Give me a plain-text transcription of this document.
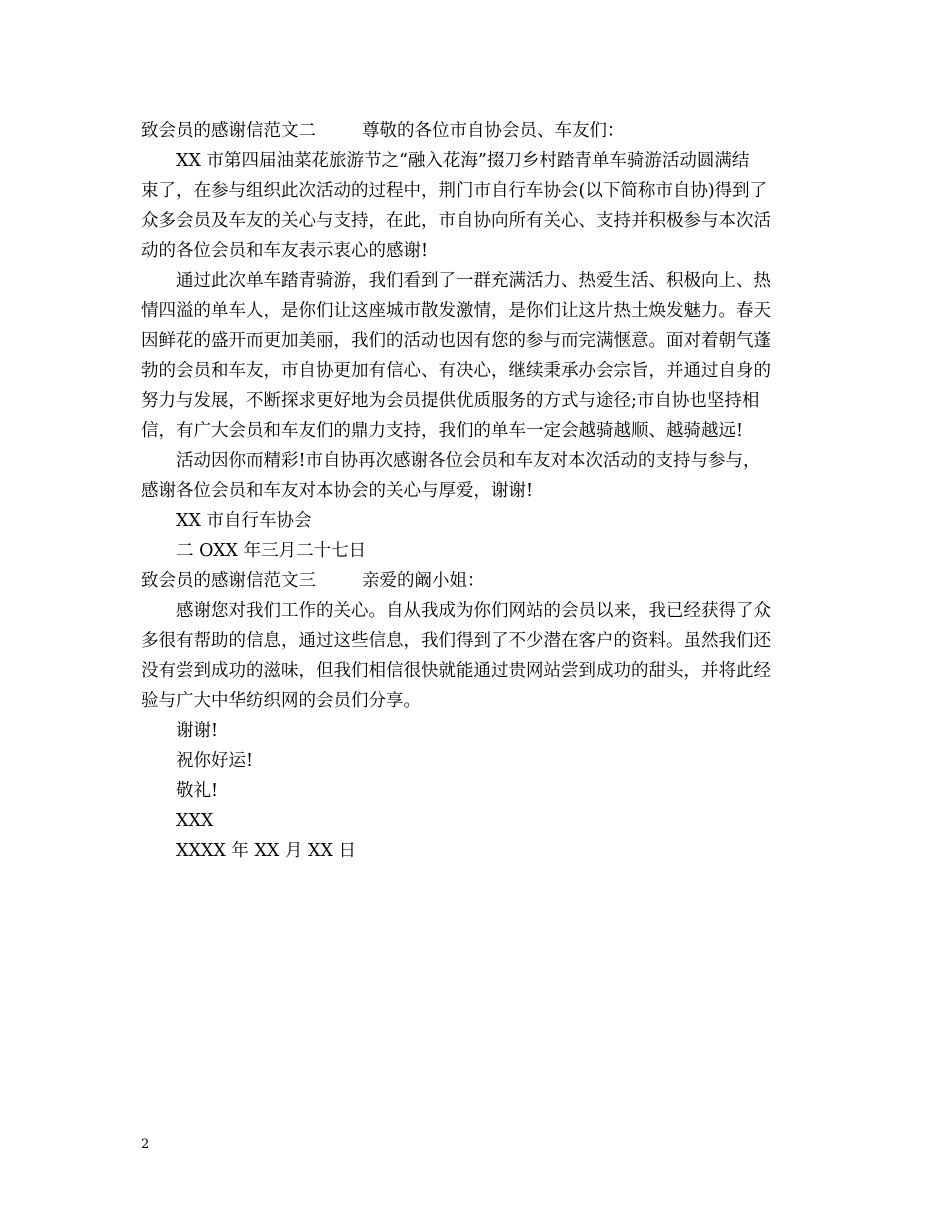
致会员的感谢信范文二	尊敬的各位市自协会员、车友们：
XX 市第四届油菜花旅游节之“融入花海”掇刀乡村踏青单车骑游活动圆满结
束了，在参与组织此次活动的过程中，荆门市自行车协会(以下简称市自协)得到了
众多会员及车友的关心与支持，在此，市自协向所有关心、支持并积极参与本次活
动的各位会员和车友表示衷心的感谢!
通过此次单车踏青骑游，我们看到了一群充满活力、热爱生活、积极向上、热
情四溢的单车人，是你们让这座城市散发激情，是你们让这片热土焕发魅力。春天
因鲜花的盛开而更加美丽，我们的活动也因有您的参与而完满惬意。面对着朝气蓬
勃的会员和车友，市自协更加有信心、有决心，继续秉承办会宗旨，并通过自身的
努力与发展，不断探求更好地为会员提供优质服务的方式与途径;市自协也坚持相
信，有广大会员和车友们的鼎力支持，我们的单车一定会越骑越顺、越骑越远!
活动因你而精彩!市自协再次感谢各位会员和车友对本次活动的支持与参与，
感谢各位会员和车友对本协会的关心与厚爱，谢谢!
XX 市自行车协会
二 OXX 年三月二十七日
致会员的感谢信范文三	亲爱的阚小姐：
感谢您对我们工作的关心。自从我成为你们网站的会员以来，我已经获得了众
多很有帮助的信息，通过这些信息，我们得到了不少潜在客户的资料。虽然我们还
没有尝到成功的滋味，但我们相信很快就能通过贵网站尝到成功的甜头，并将此经
验与广大中华纺织网的会员们分享。
谢谢!
祝你好运!
敬礼!
XXX
XXXX 年 XX 月 XX 日
2
